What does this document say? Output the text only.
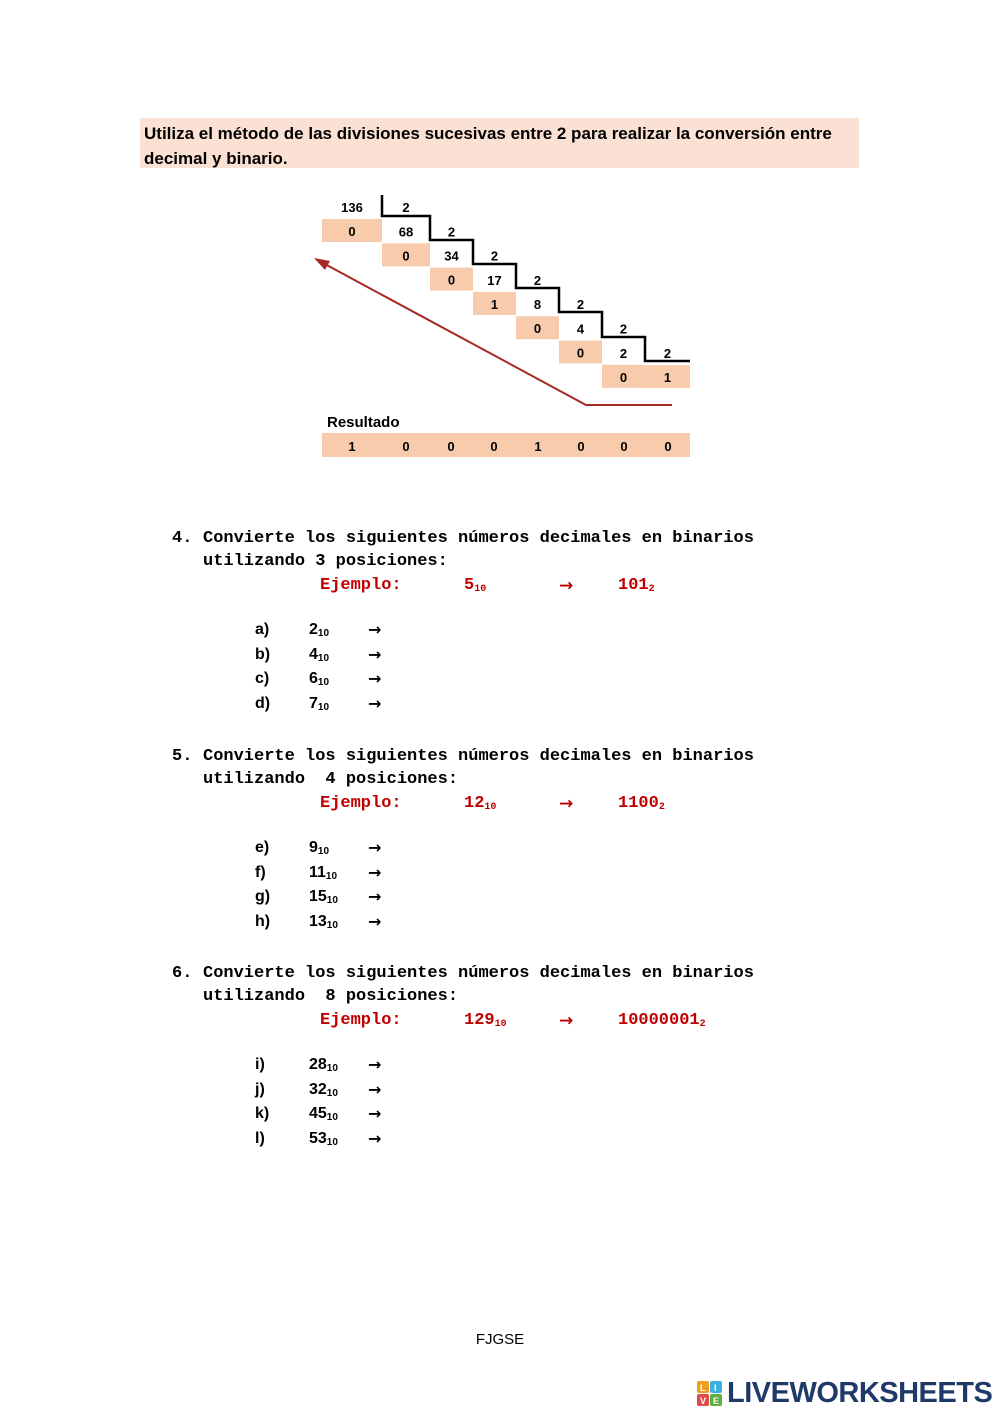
Utiliza el método de las divisiones sucesivas entre 2 para realizar la conversión entre decimal y binario.
136	2
0	68	2
0	34 2
0 17 2
1	8	2
0	4	2
0	2	2
0	1
1	0	0	0	1	0	0	0
Resultado
4. Convierte los siguientes números decimales en binarios
utilizando 3 posiciones:
Ejemplo:	$5_{10}$	→	$101_2$
a) $2_{10}$ →
b) $4_{10}$ →
c) $6_{10}$ →
d) $7_{10}$ →
5. Convierte los siguientes números decimales en binarios
utilizando  4 posiciones:
Ejemplo:	$12_{10}$	→	$1100_2$
e) $9_{10}$ →
f)	$11_{10}$ →
g) $15_{10}$ →
h) $13_{10}$ →
6. Convierte los siguientes números decimales en binarios
utilizando  8 posiciones:
Ejemplo:	$129_{10}$	→	$10000001_2$
i)	$28_{10}$ →
j)	$32_{10}$ →
k) $45_{10}$ →
l)	$53_{10}$ →
FJGSE
L I
V E LIVEWORKSHEETS
